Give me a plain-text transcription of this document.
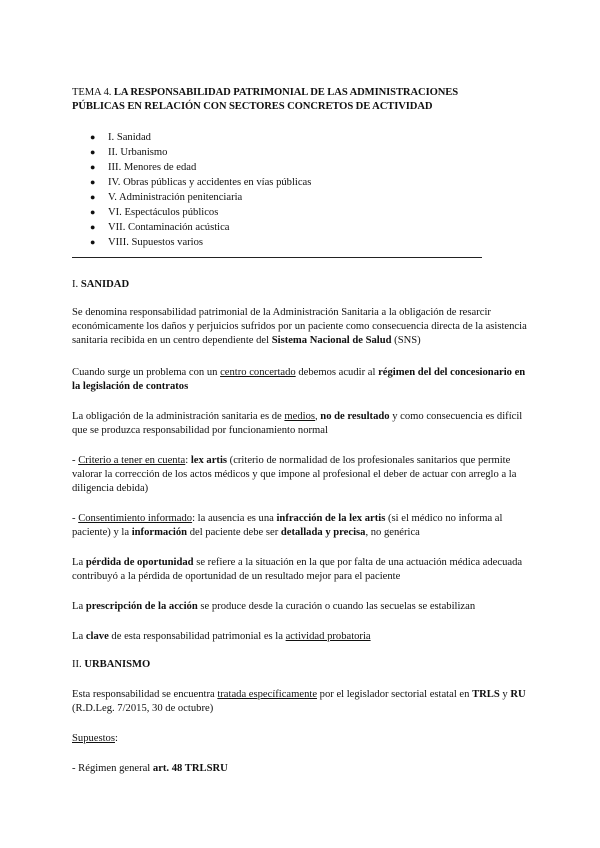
TEMA 4. LA RESPONSABILIDAD PATRIMONIAL DE LAS ADMINISTRACIONES
PÚBLICAS EN RELACIÓN CON SECTORES CONCRETOS DE ACTIVIDAD
● I. Sanidad
● II. Urbanismo
● III. Menores de edad
● IV. Obras públicas y accidentes en vías públicas
● V. Administración penitenciaria
● VI. Espectáculos públicos
● VII. Contaminación acústica
● VIII. Supuestos varios
I. SANIDAD
Se denomina responsabilidad patrimonial de la Administración Sanitaria a la obligación de resarcir económicamente los daños y perjuicios sufridos por un paciente como consecuencia directa de la asistencia sanitaria recibida en un centro dependiente del Sistema Nacional de Salud (SNS)
Cuando surge un problema con un centro concertado debemos acudir al régimen del del concesionario en la legislación de contratos
La obligación de la administración sanitaria es de medios, no de resultado y como consecuencia es difícil que se produzca responsabilidad por funcionamiento normal
- Criterio a tener en cuenta: lex artis (criterio de normalidad de los profesionales sanitarios que permite valorar la corrección de los actos médicos y que impone al profesional el deber de actuar con arreglo a la diligencia debida)
- Consentimiento informado: la ausencia es una infracción de la lex artis (si el médico no informa al paciente) y la información del paciente debe ser detallada y precisa, no genérica
La pérdida de oportunidad se refiere a la situación en la que por falta de una actuación médica adecuada contribuyó a la pérdida de oportunidad de un resultado mejor para el paciente
La prescripción de la acción se produce desde la curación o cuando las secuelas se estabilizan
La clave de esta responsabilidad patrimonial es la actividad probatoria
II. URBANISMO
Esta responsabilidad se encuentra tratada específicamente por el legislador sectorial estatal en TRLS y RU (R.D.Leg. 7/2015, 30 de octubre)
Supuestos:
- Régimen general art. 48 TRLSRU
